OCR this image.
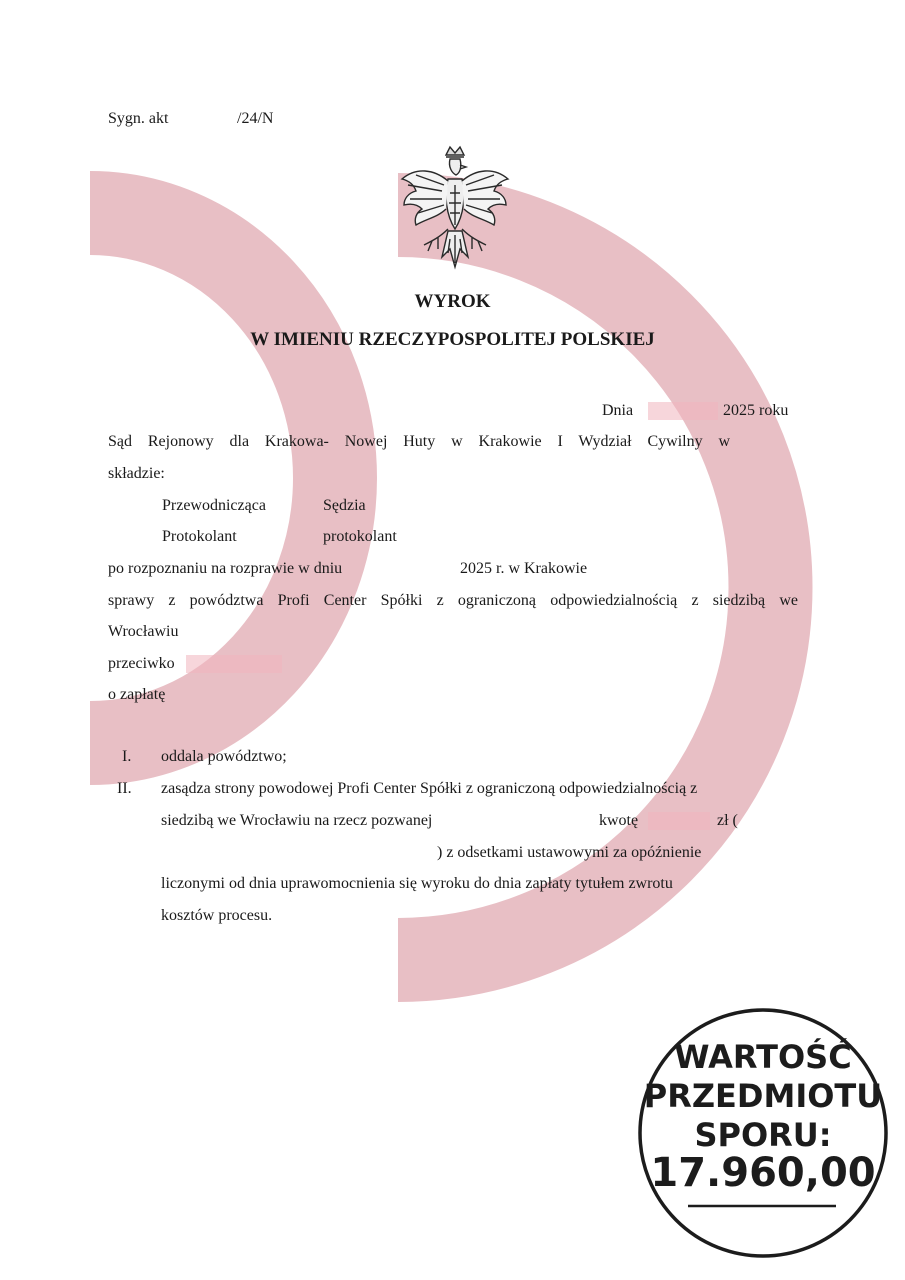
Sygn. akt	/24/N
WYROK
W IMIENIU RZECZYPOSPOLITEJ POLSKIEJ
Dnia	2025 roku
Sąd Rejonowy dla Krakowa- Nowej Huty w Krakowie I Wydział Cywilny w
składzie:
Przewodnicząca	Sędzia
Protokolant	protokolant
po rozpoznaniu na rozprawie w dniu	2025 r. w Krakowie
sprawy z powództwa Profi Center Spółki z ograniczoną odpowiedzialnością z siedzibą we
Wrocławiu
przeciwko
o zapłatę
I. oddala powództwo;
II. zasądza strony powodowej Profi Center Spółki z ograniczoną odpowiedzialnością z
siedzibą we Wrocławiu na rzecz pozwanej	kwotę	zł (
) z odsetkami ustawowymi za opóźnienie
liczonymi od dnia uprawomocnienia się wyroku do dnia zapłaty tytułem zwrotu
kosztów procesu.
WARTOŚĆ
PRZEDMIOTU
SPORU:
17.960,00
